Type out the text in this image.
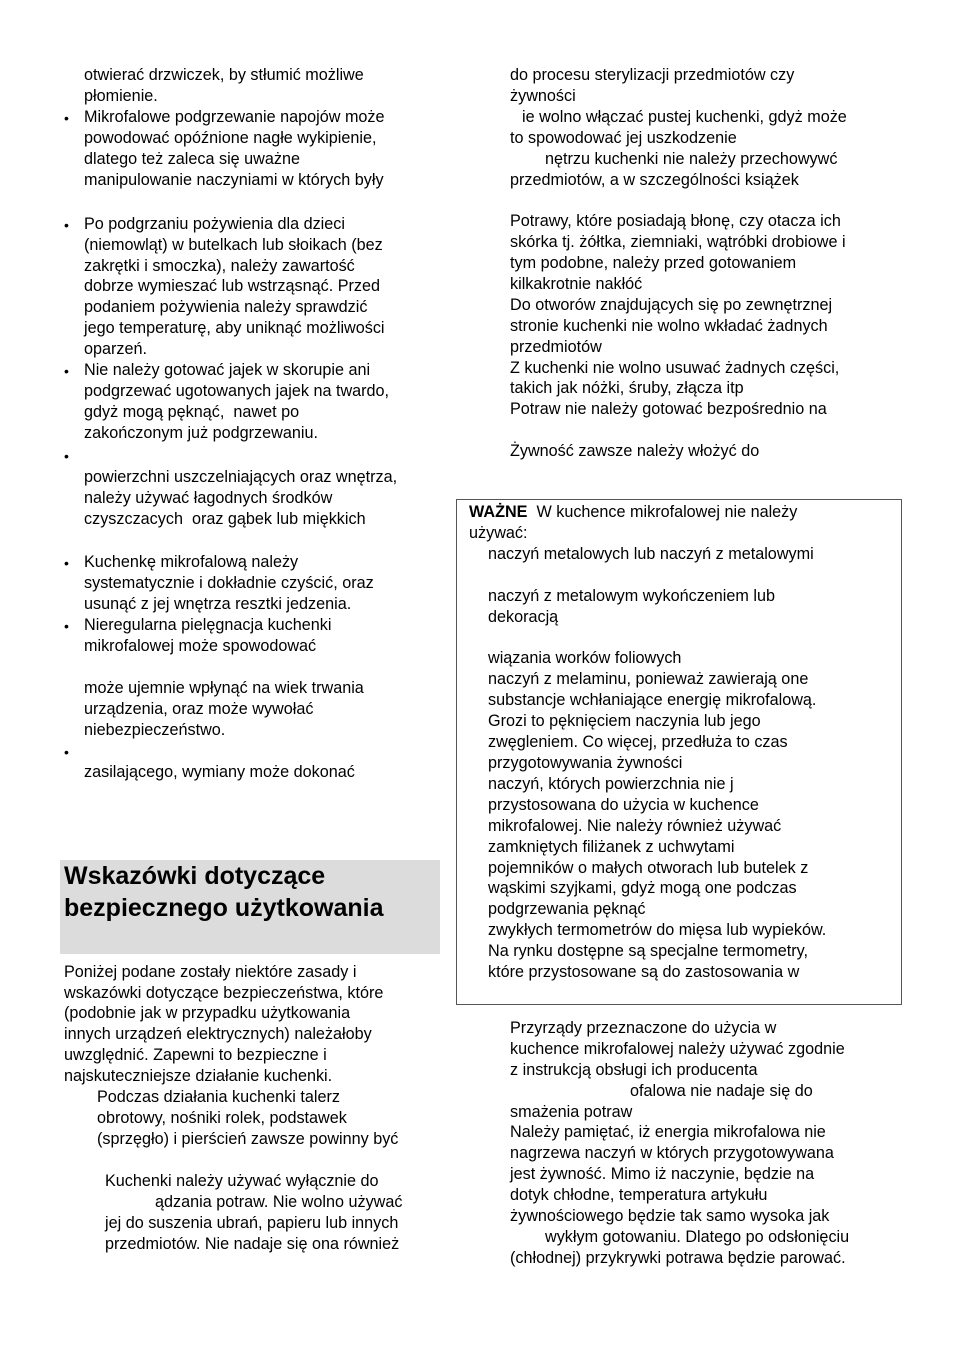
otwierać drzwiczek, by stłumić możliwe
płomienie.
• Mikrofalowe podgrzewanie napojów może
powodować opóźnione nagłe wykipienie,
dlatego też zaleca się uważne
manipulowanie naczyniami w których były
• Po podgrzaniu pożywienia dla dzieci
(niemowląt) w butelkach lub słoikach (bez
zakrętki i smoczka), należy zawartość
dobrze wymieszać lub wstrząsnąć. Przed
podaniem pożywienia należy sprawdzić
jego temperaturę, aby uniknąć możliwości
oparzeń.
• Nie należy gotować jajek w skorupie ani
podgrzewać ugotowanych jajek na twardo,
gdyż mogą pęknąć,  nawet po
zakończonym już podgrzewaniu.
•
powierzchni uszczelniających oraz wnętrza,
należy używać łagodnych środków
czyszczacych  oraz gąbek lub miękkich
• Kuchenkę mikrofalową należy
systematycznie i dokładnie czyścić, oraz
usunąć z jej wnętrza resztki jedzenia.
• Nieregularna pielęgnacja kuchenki
mikrofalowej może spowodować
może ujemnie wpłynąć na wiek trwania
urządzenia, oraz może wywołać
niebezpieczeństwo.
•
zasilającego, wymiany może dokonać
Wskazówki dotyczące
bezpiecznego użytkowania
Poniżej podane zostały niektóre zasady i
wskazówki dotyczące bezpieczeństwa, które
(podobnie jak w przypadku użytkowania
innych urządzeń elektrycznych) należałoby
uwzględnić. Zapewni to bezpieczne i
najskuteczniejsze działanie kuchenki.
Podczas działania kuchenki talerz
obrotowy, nośniki rolek, podstawek
(sprzęgło) i pierścień zawsze powinny być
Kuchenki należy używać wyłącznie do
ądzania potraw. Nie wolno używać
jej do suszenia ubrań, papieru lub innych
przedmiotów. Nie nadaje się ona również
do procesu sterylizacji przedmiotów czy
żywności
ie wolno włączać pustej kuchenki, gdyż może
to spowodować jej uszkodzenie
nętrzu kuchenki nie należy przechowywć
przedmiotów, a w szczególności książek
Potrawy, które posiadają błonę, czy otacza ich
skórka tj. żółtka, ziemniaki, wątróbki drobiowe i
tym podobne, należy przed gotowaniem
kilkakrotnie nakłóć
Do otworów znajdujących się po zewnętrznej
stronie kuchenki nie wolno wkładać żadnych
przedmiotów
Z kuchenki nie wolno usuwać żadnych części,
takich jak nóżki, śruby, złącza itp
Potraw nie należy gotować bezpośrednio na
Żywność zawsze należy włożyć do
WAŻNE  W kuchence mikrofalowej nie należy
używać:
naczyń metalowych lub naczyń z metalowymi
naczyń z metalowym wykończeniem lub
dekoracją
wiązania worków foliowych
naczyń z melaminu, ponieważ zawierają one
substancje wchłaniające energię mikrofalową.
Grozi to pęknięciem naczynia lub jego
zwęgleniem. Co więcej, przedłuża to czas
przygotowywania żywności
naczyń, których powierzchnia nie j
przystosowana do użycia w kuchence
mikrofalowej. Nie należy również używać
zamkniętych filiżanek z uchwytami
pojemników o małych otworach lub butelek z
wąskimi szyjkami, gdyż mogą one podczas
podgrzewania pęknąć
zwykłych termometrów do mięsa lub wypieków.
Na rynku dostępne są specjalne termometry,
które przystosowane są do zastosowania w
Przyrządy przeznaczone do użycia w
kuchence mikrofalowej należy używać zgodnie
z instrukcją obsługi ich producenta
ofalowa nie nadaje się do
smażenia potraw
Należy pamiętać, iż energia mikrofalowa nie
nagrzewa naczyń w których przygotowywana
jest żywność. Mimo iż naczynie, będzie na
dotyk chłodne, temperatura artykułu
żywnościowego będzie tak samo wysoka jak
wykłym gotowaniu. Dlatego po odsłonięciu
(chłodnej) przykrywki potrawa będzie parować.
